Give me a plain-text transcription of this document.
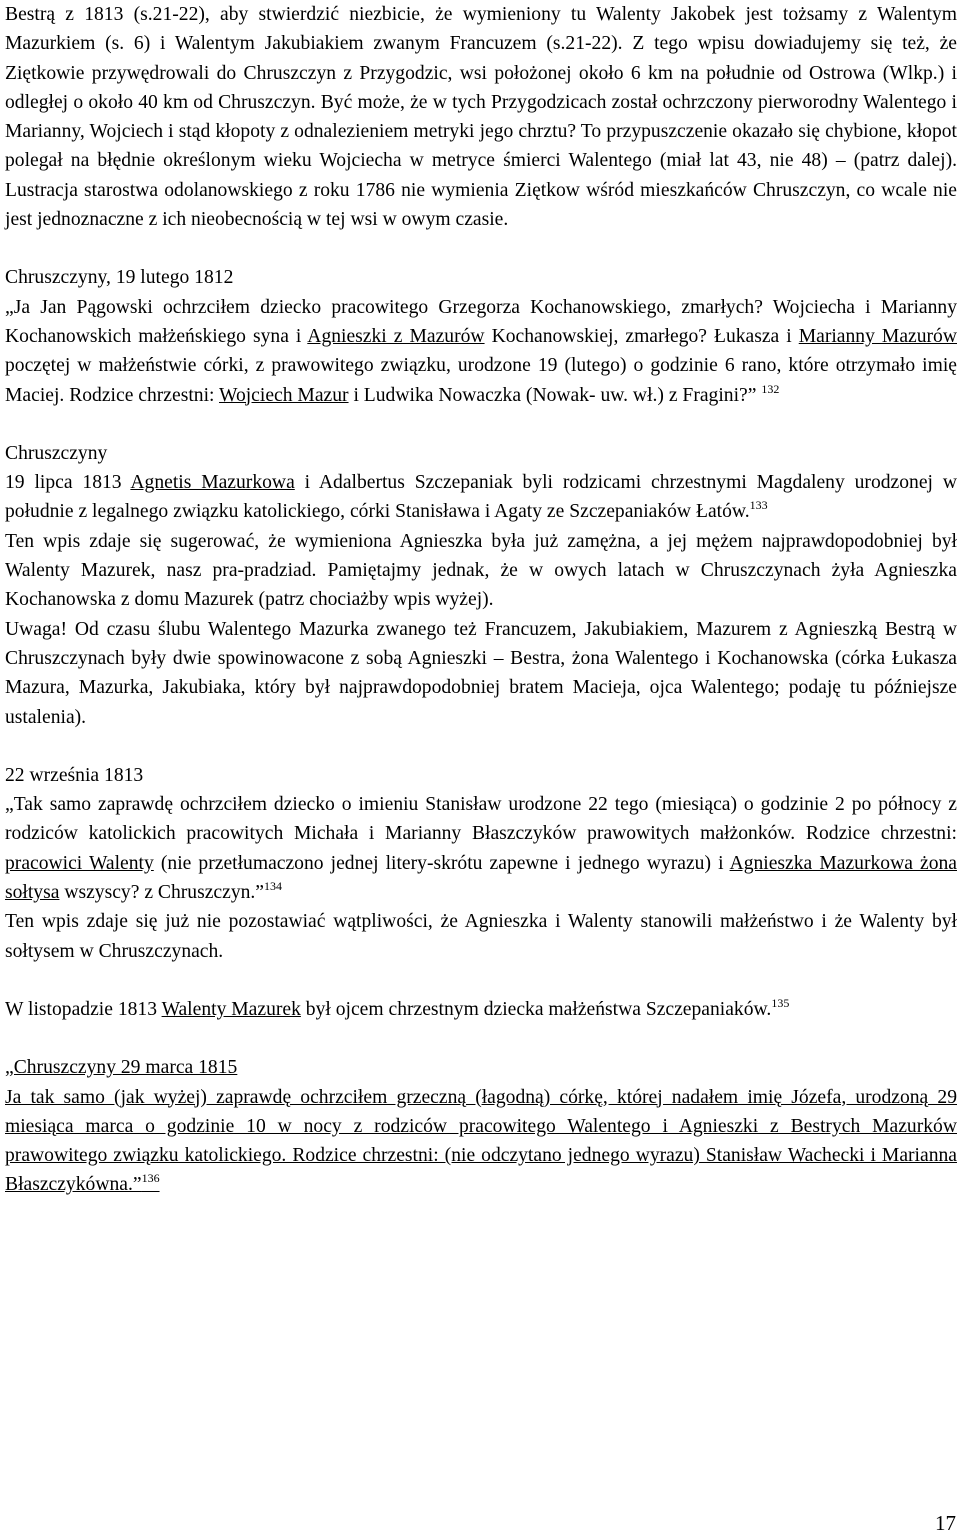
Bestrą z 1813 (s.21-22), aby stwierdzić niezbicie, że wymieniony tu Walenty Jakobek jest tożsamy z Walentym Mazurkiem (s. 6) i Walentym Jakubiakiem zwanym Francuzem (s.21-22). Z tego wpisu dowiadujemy się też, że Ziętkowie przywędrowali do Chruszczyn z Przygodzic, wsi położonej około 6 km na południe od Ostrowa (Wlkp.) i odległej o około 40 km od Chruszczyn. Być może, że w tych Przygodzicach został ochrzczony pierworodny Walentego i Marianny, Wojciech i stąd kłopoty z odnalezieniem metryki jego chrztu? To przypuszczenie okazało się chybione, kłopot polegał na błędnie określonym wieku Wojciecha w metryce śmierci Walentego (miał lat 43, nie 48) – (patrz dalej). Lustracja starostwa odolanowskiego z roku 1786 nie wymienia Ziętkow wśród mieszkańców Chruszczyn, co wcale nie jest jednoznaczne z ich nieobecnością w tej wsi w owym czasie.

Chruszczyny, 19 lutego 1812

„Ja Jan Pągowski ochrzciłem dziecko pracowitego Grzegorza Kochanowskiego, zmarłych? Wojciecha i Marianny Kochanowskich małżeńskiego syna i Agnieszki z Mazurów Kochanowskiej, zmarłego? Łukasza i Marianny Mazurów poczętej w małżeństwie córki, z prawowitego związku, urodzone 19 (lutego) o godzinie 6 rano, które otrzymało imię Maciej. Rodzice chrzestni: Wojciech Mazur i Ludwika Nowaczka (Nowak- uw. wł.) z Fragini?” $^{132}$

Chruszczyny

19 lipca 1813 Agnetis Mazurkowa i Adalbertus Szczepaniak byli rodzicami chrzestnymi Magdaleny urodzonej w południe z legalnego związku katolickiego, córki Stanisława i Agaty ze Szczepaniaków Łatów.$^{133}$

Ten wpis zdaje się sugerować, że wymieniona Agnieszka była już zamężna, a jej mężem najprawdopodobniej był Walenty Mazurek, nasz pra-pradziad. Pamiętajmy jednak, że w owych latach w Chruszczynach żyła Agnieszka Kochanowska z domu Mazurek (patrz chociażby wpis wyżej).

Uwaga! Od czasu ślubu Walentego Mazurka zwanego też Francuzem, Jakubiakiem, Mazurem z Agnieszką Bestrą w Chruszczynach były dwie spowinowacone z sobą Agnieszki – Bestra, żona Walentego i Kochanowska (córka Łukasza Mazura, Mazurka, Jakubiaka, który był najprawdopodobniej bratem Macieja, ojca Walentego; podaję tu późniejsze ustalenia).

22 września 1813

„Tak samo zaprawdę ochrzciłem dziecko o imieniu Stanisław urodzone 22 tego (miesiąca) o godzinie 2 po północy z rodziców katolickich pracowitych Michała i Marianny Błaszczyków prawowitych małżonków. Rodzice chrzestni: pracowici Walenty (nie przetłumaczono jednej litery-skrótu zapewne i jednego wyrazu) i Agnieszka Mazurkowa żona sołtysa wszyscy? z Chruszczyn.”$^{134}$

Ten wpis zdaje się już nie pozostawiać wątpliwości, że Agnieszka i Walenty stanowili małżeństwo i że Walenty był sołtysem w Chruszczynach.

W listopadzie 1813 Walenty Mazurek był ojcem chrzestnym dziecka małżeństwa Szczepaniaków.$^{135}$

„Chruszczyny 29 marca 1815

Ja tak samo (jak wyżej) zaprawdę ochrzciłem grzeczną (łagodną) córkę, której nadałem imię Józefa, urodzoną 29 miesiąca marca o godzinie 10 w nocy z rodziców pracowitego Walentego i Agnieszki z Bestrych Mazurków prawowitego związku katolickiego. Rodzice chrzestni: (nie odczytano jednego wyrazu) Stanisław Wachecki i Marianna Błaszczykówna.”$^{136}$

17
